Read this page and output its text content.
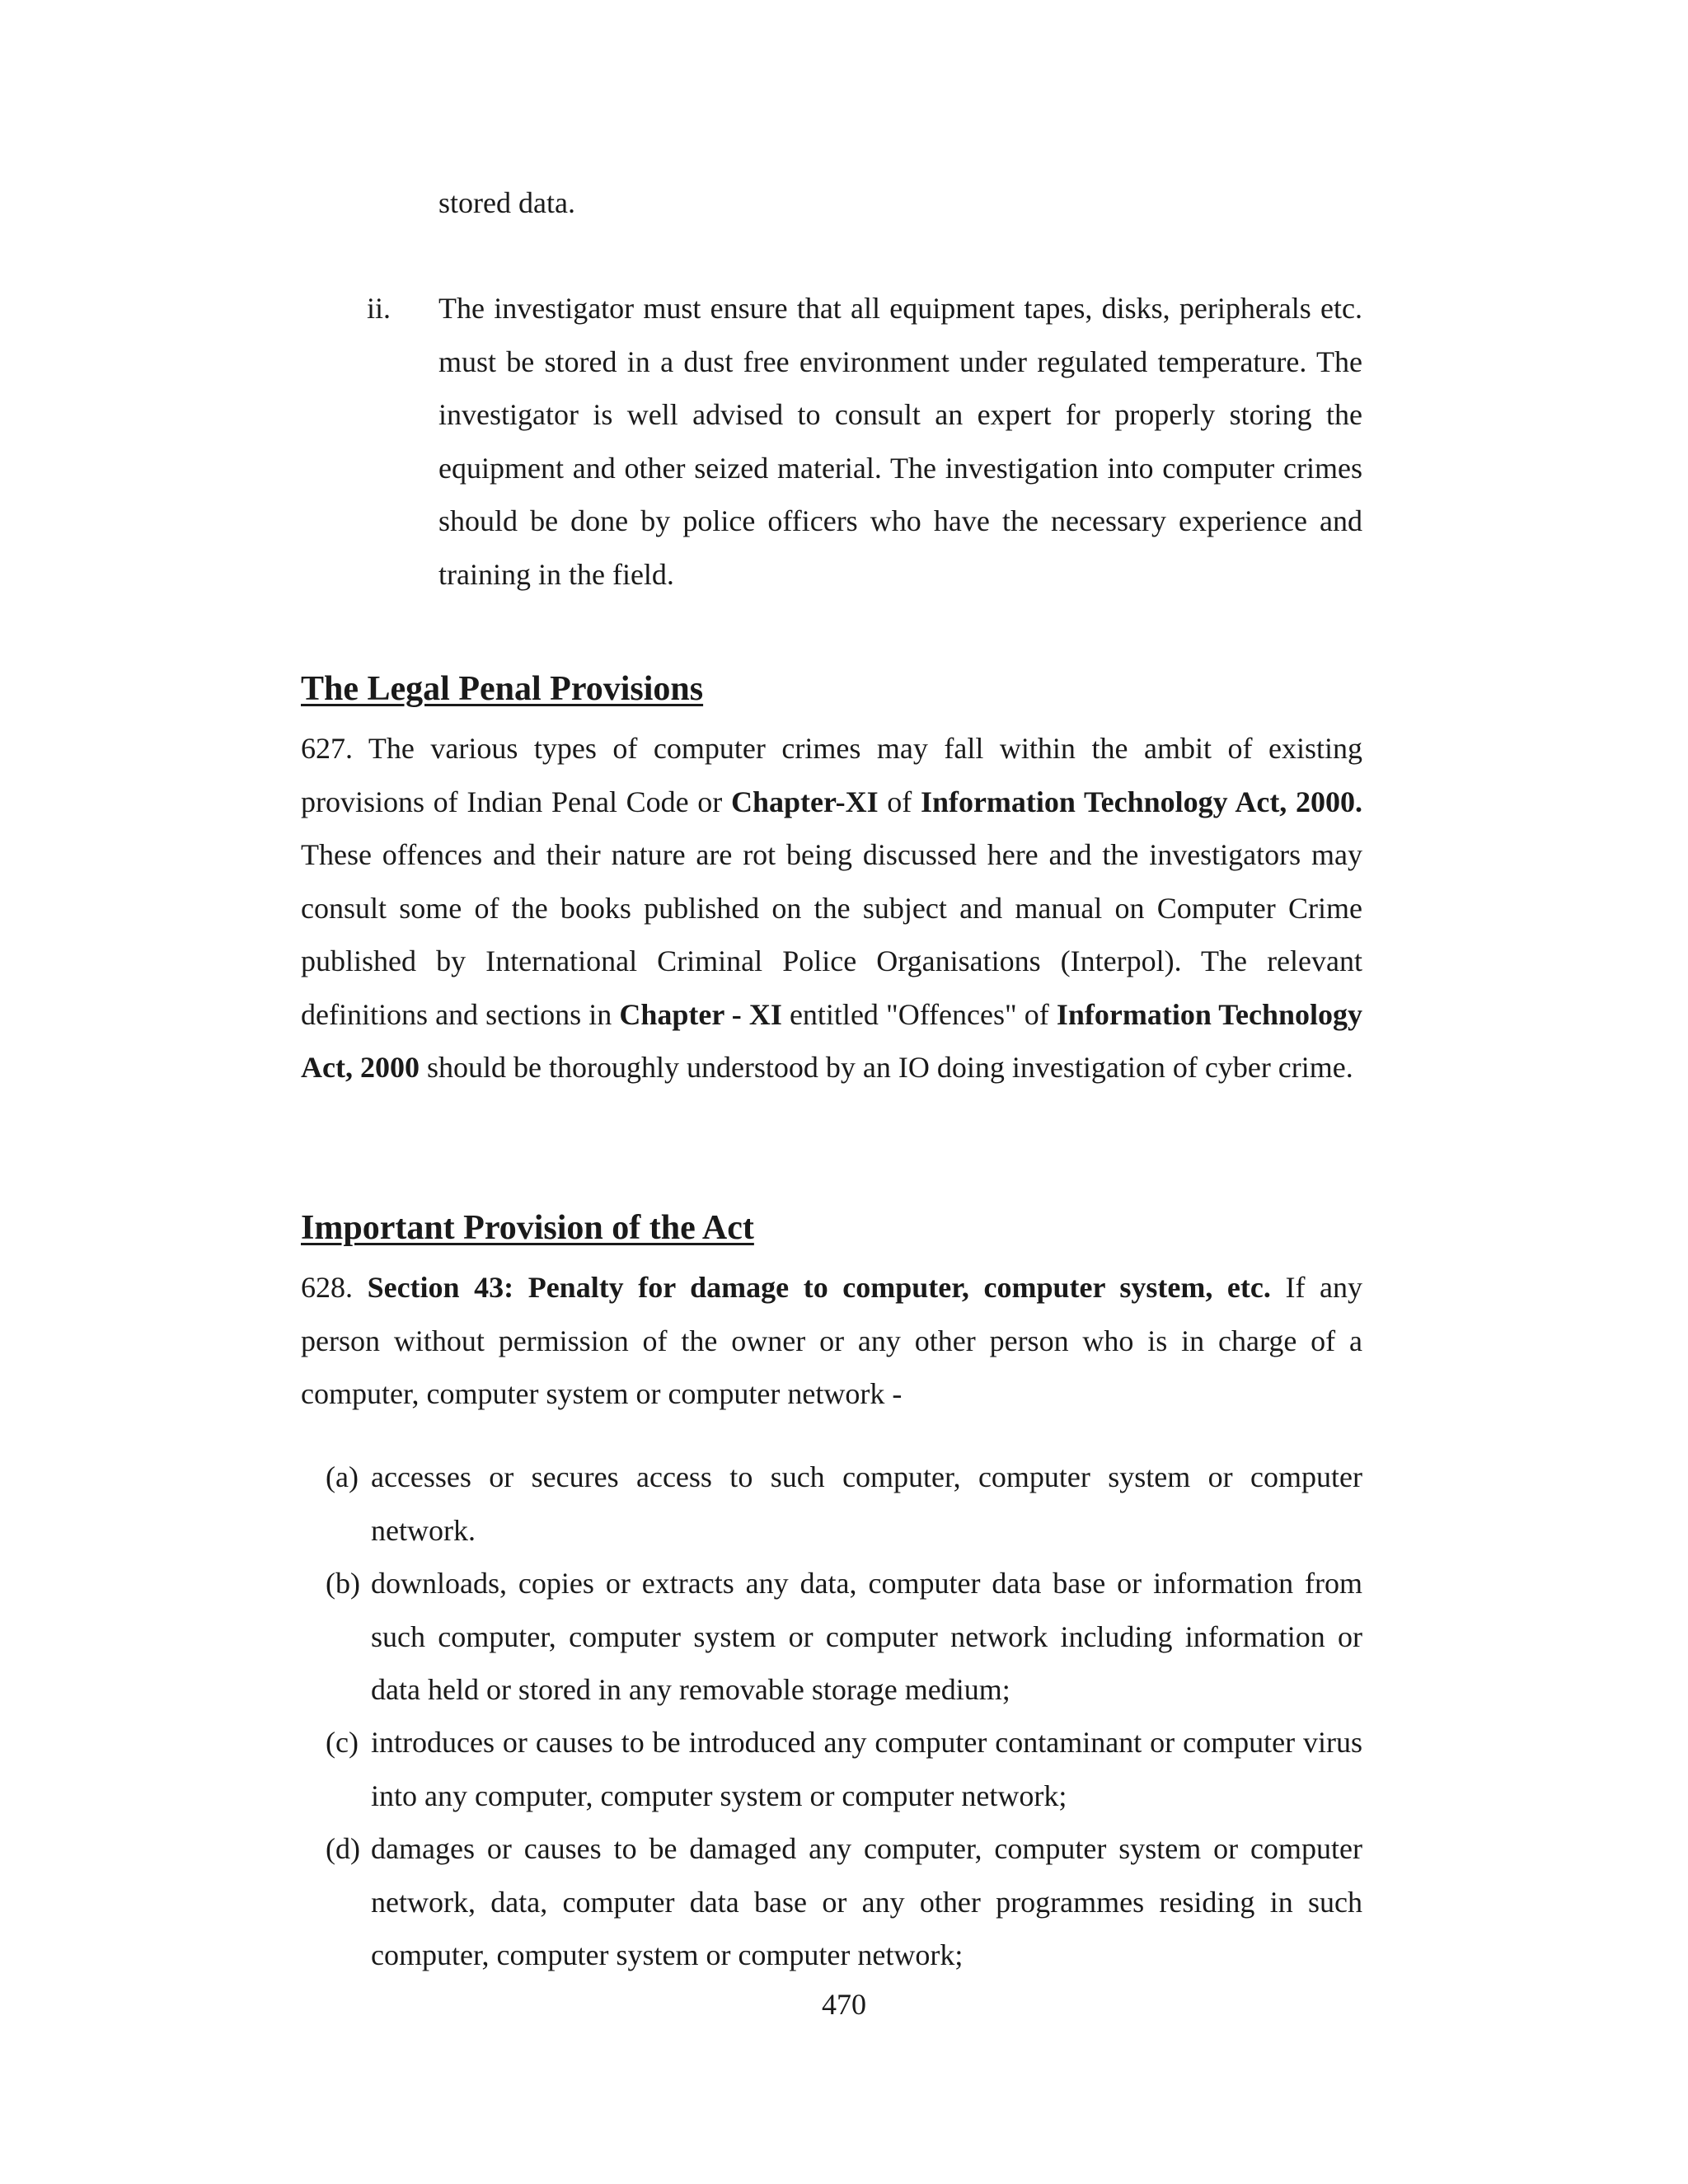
stored data.

ii. The investigator must ensure that all equipment tapes, disks, peripherals etc. must be stored in a dust free environment under regulated temperature. The investigator is well advised to consult an expert for properly storing the equipment and other seized material. The investigation into computer crimes should be done by police officers who have the necessary experience and training in the field.

The Legal Penal Provisions

627. The various types of computer crimes may fall within the ambit of existing provisions of Indian Penal Code or Chapter-XI of Information Technology Act, 2000. These offences and their nature are rot being discussed here and the investigators may consult some of the books published on the subject and manual on Computer Crime published by International Criminal Police Organisations (Interpol). The relevant definitions and sections in Chapter - XI entitled "Offences" of Information Technology Act, 2000 should be thoroughly understood by an IO doing investigation of cyber crime.

Important Provision of the Act

628. Section 43: Penalty for damage to computer, computer system, etc. If any person without permission of the owner or any other person who is in charge of a computer, computer system or computer network -

(a) accesses or secures access to such computer, computer system or computer network.

(b) downloads, copies or extracts any data, computer data base or information from such computer, computer system or computer network including information or data held or stored in any removable storage medium;

(c) introduces or causes to be introduced any computer contaminant or computer virus into any computer, computer system or computer network;

(d) damages or causes to be damaged any computer, computer system or computer network, data, computer data base or any other programmes residing in such computer, computer system or computer network;

470
